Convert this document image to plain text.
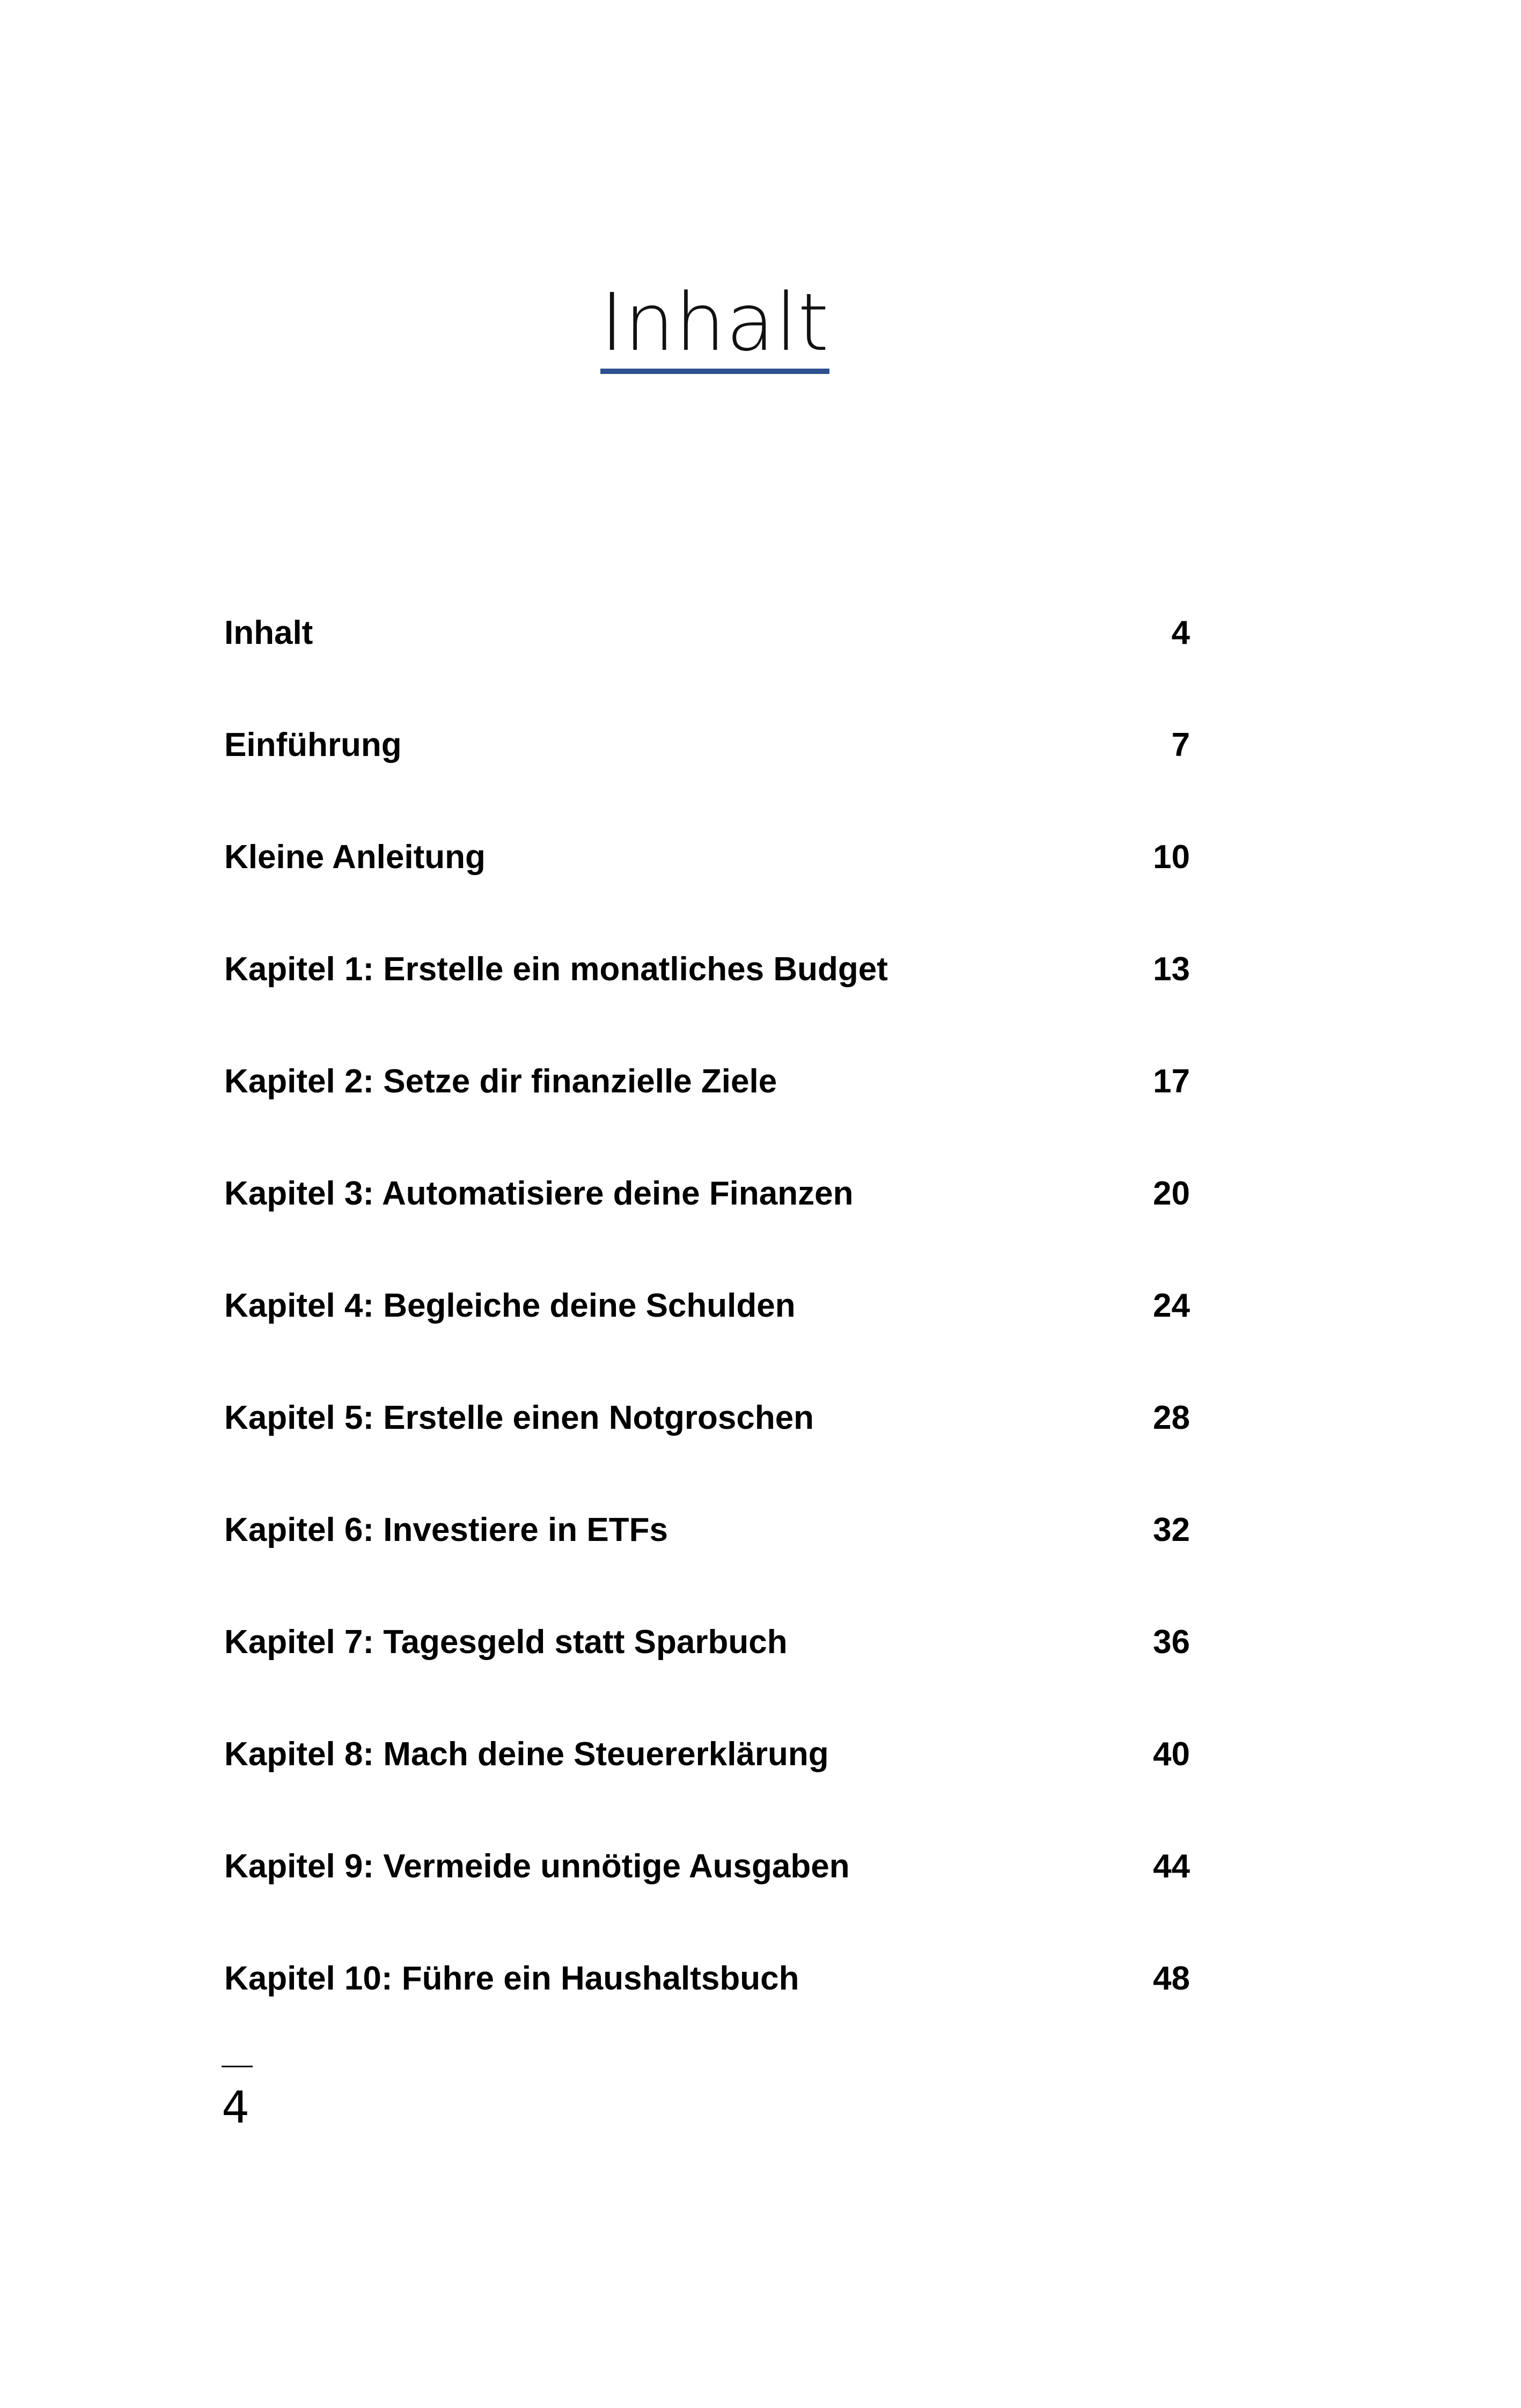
Inhalt
Inhalt	4
Einführung	7
Kleine Anleitung	10
Kapitel 1: Erstelle ein monatliches Budget	13
Kapitel 2: Setze dir finanzielle Ziele	17
Kapitel 3: Automatisiere deine Finanzen	20
Kapitel 4: Begleiche deine Schulden	24
Kapitel 5: Erstelle einen Notgroschen	28
Kapitel 6: Investiere in ETFs	32
Kapitel 7: Tagesgeld statt Sparbuch	36
Kapitel 8: Mach deine Steuererklärung	40
Kapitel 9: Vermeide unnötige Ausgaben	44
Kapitel 10: Führe ein Haushaltsbuch	48
4
